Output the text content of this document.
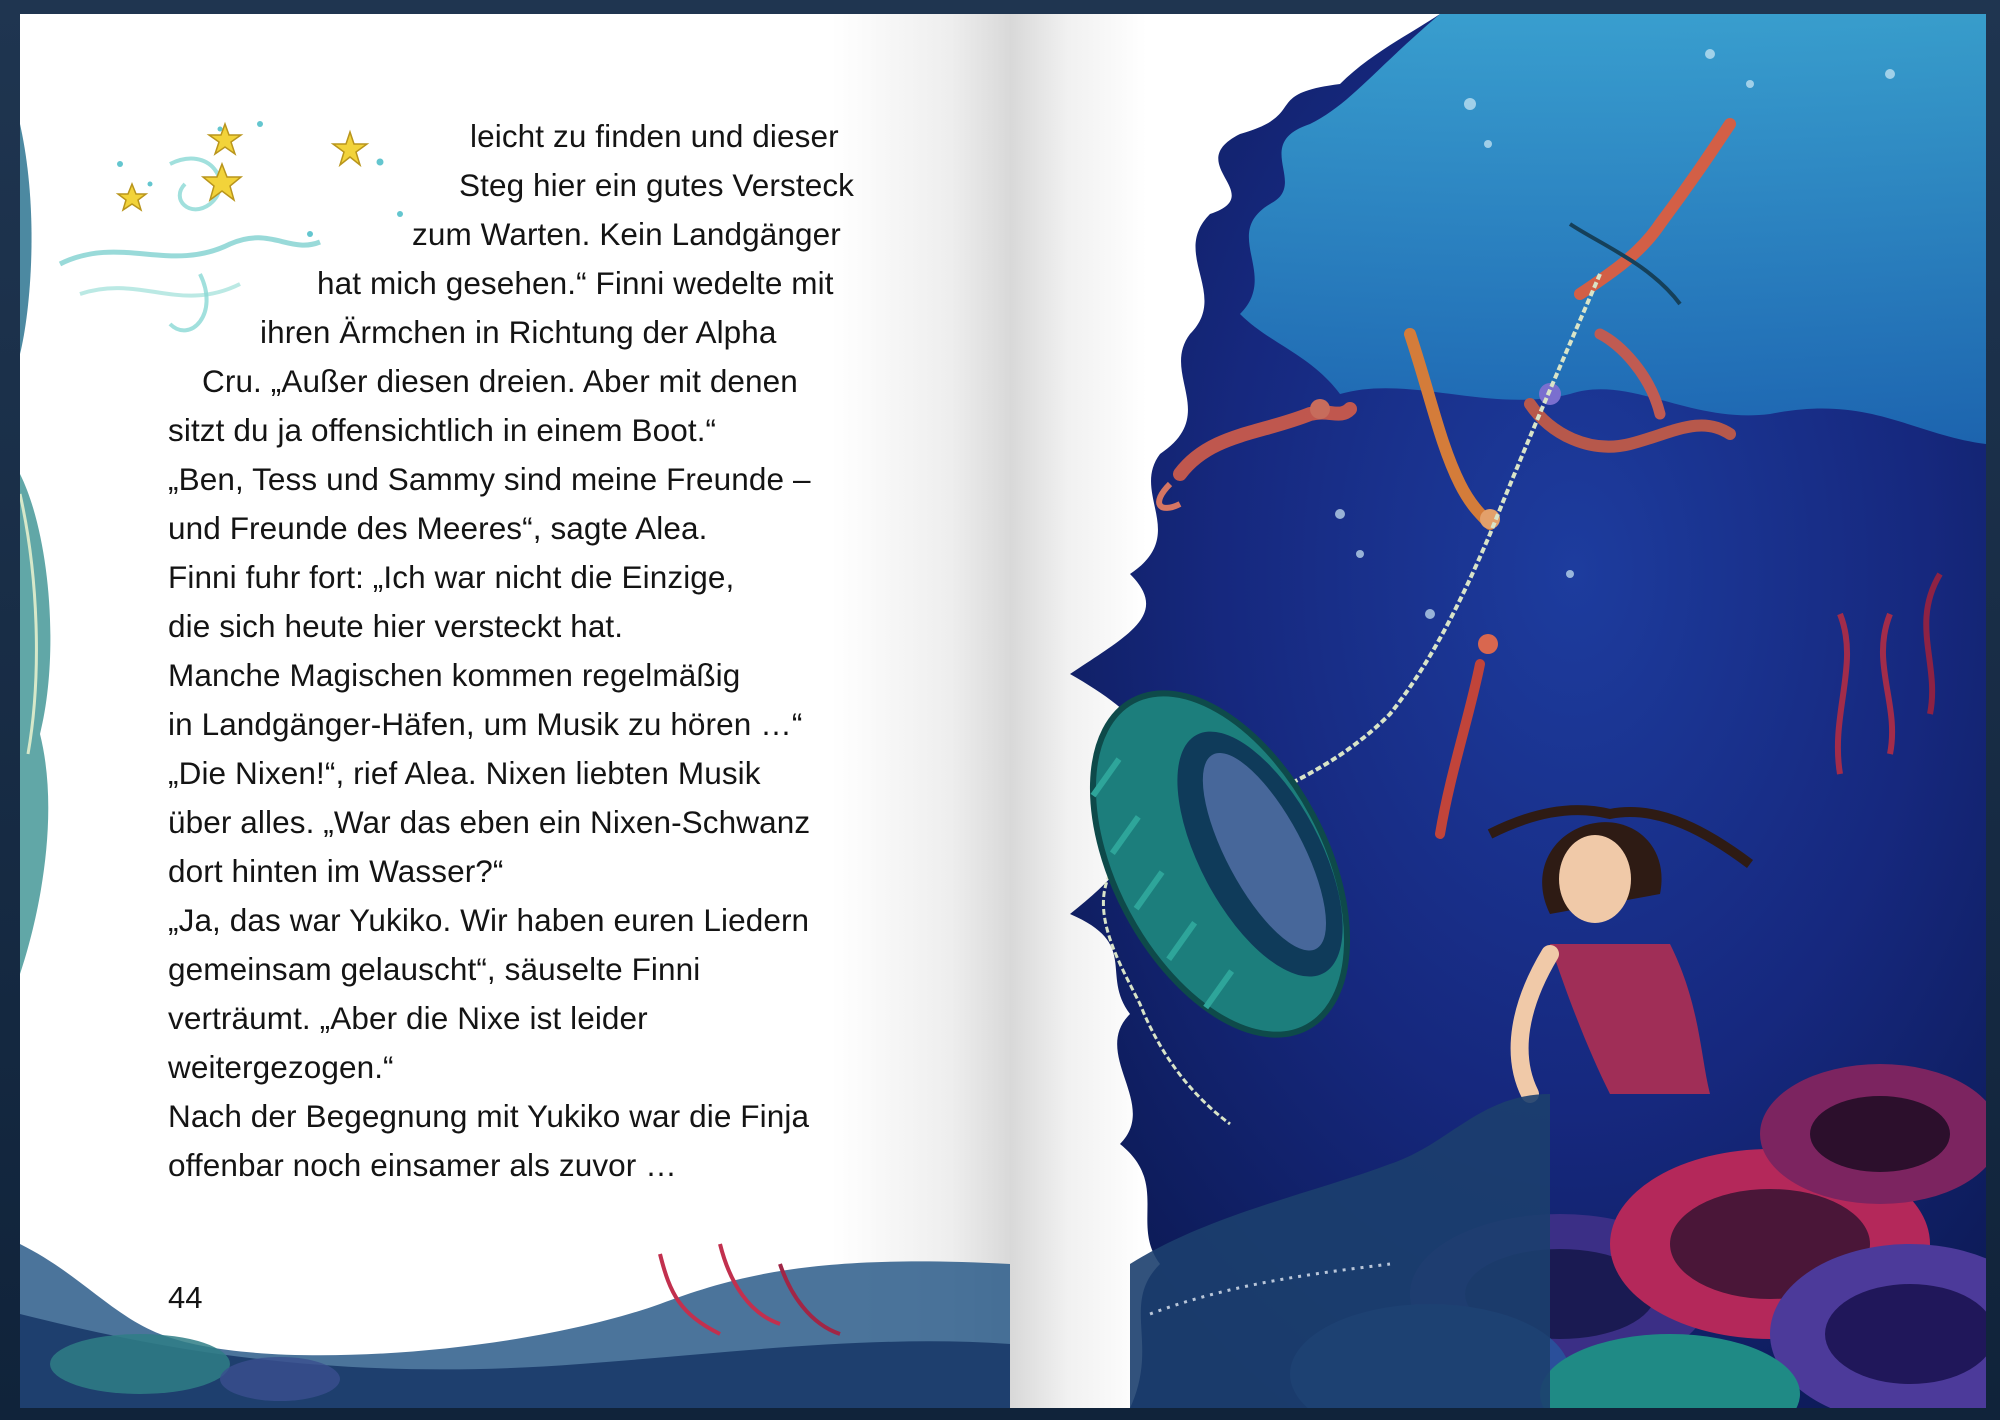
leicht zu finden und dieser
Steg hier ein gutes Versteck
zum Warten. Kein Landgänger
hat mich gesehen.“ Finni wedelte mit
ihren Ärmchen in Richtung der Alpha
Cru. „Außer diesen dreien. Aber mit denen
sitzt du ja offensichtlich in einem Boot.“
„Ben, Tess und Sammy sind meine Freunde –
und Freunde des Meeres“, sagte Alea.
Finni fuhr fort: „Ich war nicht die Einzige,
die sich heute hier versteckt hat.
Manche Magischen kommen regelmäßig
in Landgänger-Häfen, um Musik zu hören …“
„Die Nixen!“, rief Alea. Nixen liebten Musik
über alles. „War das eben ein Nixen-Schwanz
dort hinten im Wasser?“
„Ja, das war Yukiko. Wir haben euren Liedern
gemeinsam gelauscht“, säuselte Finni
verträumt. „Aber die Nixe ist leider
weitergezogen.“
Nach der Begegnung mit Yukiko war die Finja
offenbar noch einsamer als zuvor …
44
